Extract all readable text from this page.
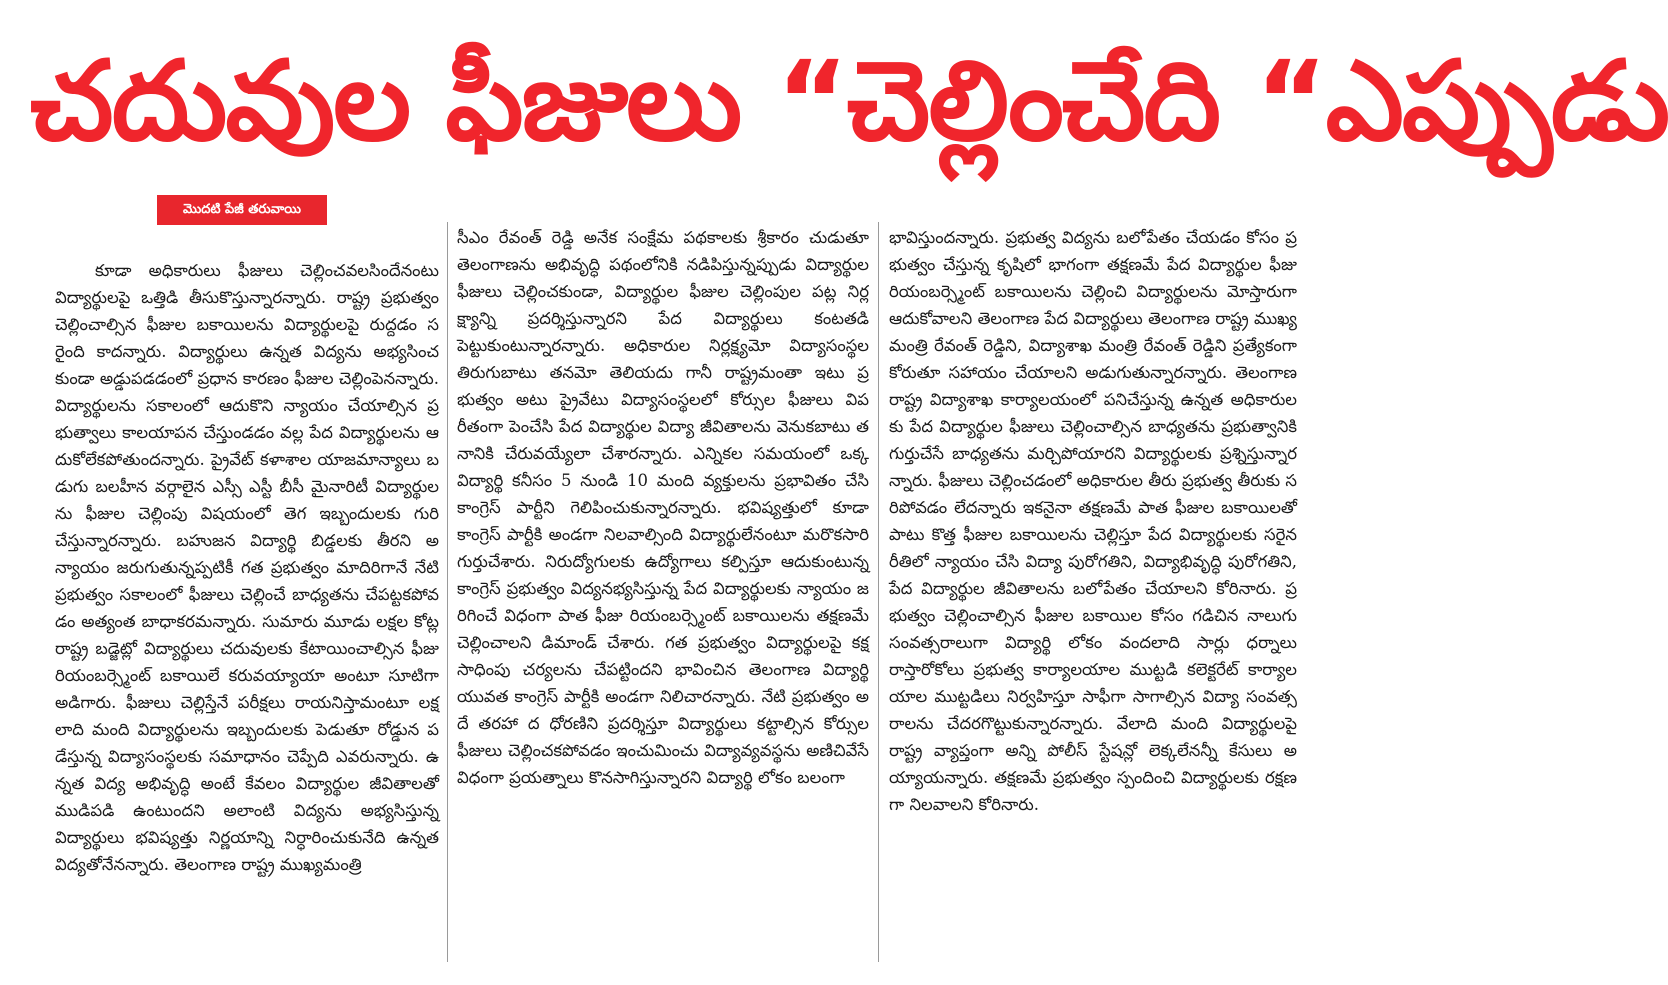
చదువుల ఫీజులు “చెల్లించేది “ఎప్పుడు
మొదటి పేజీ తరువాయి

కూడా అధికారులు ఫీజులు చెల్లించవలసిందేనంటు విద్యార్థులపై ఒత్తిడి తీసుకొస్తున్నారన్నారు. రాష్ట్ర ప్రభుత్వం చెల్లించాల్సిన ఫీజుల బకాయిలను విద్యార్థులపై రుద్దడం సరైంది కాదన్నారు. విద్యార్థులు ఉన్నత విద్యను అభ్యసించకుండా అడ్డుపడడంలో ప్రధాన కారణం ఫీజుల చెల్లింపెనన్నారు. విద్యార్థులను సకాలంలో ఆదుకొని న్యాయం చేయాల్సిన ప్రభుత్వాలు కాలయాపన చేస్తుండడం వల్ల పేద విద్యార్థులను ఆదుకోలేకపోతుందన్నారు. ప్రైవేట్ కళాశాల యాజమాన్యాలు బడుగు బలహీన వర్గాలైన ఎస్సీ ఎస్టీ బీసీ మైనారిటీ విద్యార్థులను ఫీజుల చెల్లింపు విషయంలో తెగ ఇబ్బందులకు గురి చేస్తున్నారన్నారు. బహుజన విద్యార్థి బిడ్డలకు తీరని అన్యాయం జరుగుతున్నప్పటికీ గత ప్రభుత్వం మాదిరిగానే నేటి ప్రభుత్వం సకాలంలో ఫీజులు చెల్లించే బాధ్యతను చేపట్టకపోవడం అత్యంత బాధాకరమన్నారు. సుమారు మూడు లక్షల కోట్ల రాష్ట్ర బడ్జెట్లో విద్యార్థులు చదువులకు కేటాయించాల్సిన ఫీజు రియంబర్స్మెంట్ బకాయిలే కరువయ్యాయా అంటూ సూటిగా అడిగారు. ఫీజులు చెల్లిస్తేనే పరీక్షలు రాయనిస్తామంటూ లక్షలాది మంది విద్యార్థులను ఇబ్బందులకు పెడుతూ రోడ్డున పడేస్తున్న విద్యాసంస్థలకు సమాధానం చెప్పేది ఎవరున్నారు. ఉన్నత విద్య అభివృద్ధి అంటే కేవలం విద్యార్థుల జీవితాలతో ముడిపడి ఉంటుందని అలాంటి విద్యను అభ్యసిస్తున్న విద్యార్థులు భవిష్యత్తు నిర్ణయాన్ని నిర్ధారించుకునేది ఉన్నత విద్యతోనేనన్నారు. తెలంగాణ రాష్ట్ర ముఖ్యమంత్రి

సీఎం రేవంత్ రెడ్డి అనేక సంక్షేమ పథకాలకు శ్రీకారం చుడుతూ తెలంగాణను అభివృద్ధి పథంలోనికి నడిపిస్తున్నప్పుడు విద్యార్థుల ఫీజులు చెల్లించకుండా, విద్యార్థుల ఫీజుల చెల్లింపుల పట్ల నిర్లక్ష్యాన్ని ప్రదర్శిస్తున్నారని పేద విద్యార్థులు కంటతడి పెట్టుకుంటున్నారన్నారు. అధికారుల నిర్లక్ష్యమో విద్యాసంస్థల తిరుగుబాటు తనమో తెలియదు గానీ రాష్ట్రమంతా ఇటు ప్రభుత్వం అటు ప్రైవేటు విద్యాసంస్థలలో కోర్సుల ఫీజులు విపరీతంగా పెంచేసి పేద విద్యార్థుల విద్యా జీవితాలను వెనుకబాటు తనానికి చేరువయ్యేలా చేశారన్నారు. ఎన్నికల సమయంలో ఒక్క విద్యార్థి కనీసం 5 నుండి 10 మంది వ్యక్తులను ప్రభావితం చేసి కాంగ్రెస్ పార్టీని గెలిపించుకున్నారన్నారు. భవిష్యత్తులో కూడా కాంగ్రెస్ పార్టీకి అండగా నిలవాల్సింది విద్యార్థులేనంటూ మరొకసారి గుర్తుచేశారు. నిరుద్యోగులకు ఉద్యోగాలు కల్పిస్తూ ఆదుకుంటున్న కాంగ్రెస్ ప్రభుత్వం విద్యనభ్యసిస్తున్న పేద విద్యార్థులకు న్యాయం జరిగించే విధంగా పాత ఫీజు రియంబర్స్మెంట్ బకాయిలను తక్షణమే చెల్లించాలని డిమాండ్ చేశారు. గత ప్రభుత్వం విద్యార్థులపై కక్ష సాధింపు చర్యలను చేపట్టిందని భావించిన తెలంగాణ విద్యార్థి యువత కాంగ్రెస్ పార్టీకి అండగా నిలిచారన్నారు. నేటి ప్రభుత్వం అదే తరహా ద ధోరణిని ప్రదర్శిస్తూ విద్యార్థులు కట్టాల్సిన కోర్సుల ఫీజులు చెల్లించకపోవడం ఇంచుమించు విద్యావ్యవస్థను అణిచివేసే విధంగా ప్రయత్నాలు కొనసాగిస్తున్నారని విద్యార్థి లోకం బలంగా

భావిస్తుందన్నారు. ప్రభుత్వ విద్యను బలోపేతం చేయడం కోసం ప్రభుత్వం చేస్తున్న కృషిలో భాగంగా తక్షణమే పేద విద్యార్థుల ఫీజు రియంబర్స్మెంట్ బకాయిలను చెల్లించి విద్యార్థులను మోస్తారుగా ఆదుకోవాలని తెలంగాణ పేద విద్యార్థులు తెలంగాణ రాష్ట్ర ముఖ్యమంత్రి రేవంత్ రెడ్డిని, విద్యాశాఖ మంత్రి రేవంత్ రెడ్డిని ప్రత్యేకంగా కోరుతూ సహాయం చేయాలని అడుగుతున్నారన్నారు. తెలంగాణ రాష్ట్ర విద్యాశాఖ కార్యాలయంలో పనిచేస్తున్న ఉన్నత అధికారులకు పేద విద్యార్థుల ఫీజులు చెల్లించాల్సిన బాధ్యతను ప్రభుత్వానికి గుర్తుచేసే బాధ్యతను మర్చిపోయారని విద్యార్థులకు ప్రశ్నిస్తున్నారన్నారు. ఫీజులు చెల్లించడంలో అధికారుల తీరు ప్రభుత్వ తీరుకు సరిపోవడం లేదన్నారు ఇకనైనా తక్షణమే పాత ఫీజుల బకాయిలతో పాటు కొత్త ఫీజుల బకాయిలను చెల్లిస్తూ పేద విద్యార్థులకు సరైన రీతిలో న్యాయం చేసి విద్యా పురోగతిని, విద్యాభివృద్ధి పురోగతిని,పేద విద్యార్థుల జీవితాలను బలోపేతం చేయాలని కోరినారు. ప్రభుత్వం చెల్లించాల్సిన ఫీజుల బకాయిల కోసం గడిచిన నాలుగు సంవత్సరాలుగా విద్యార్థి లోకం వందలాది సార్లు ధర్నాలు రాస్తారోకోలు ప్రభుత్వ కార్యాలయాల ముట్టడి కలెక్టరేట్ కార్యాలయాల ముట్టడిలు నిర్వహిస్తూ సాఫీగా సాగాల్సిన విద్యా సంవత్సరాలను చేదరగొట్టుకున్నారన్నారు. వేలాది మంది విద్యార్థులపై రాష్ట్ర వ్యాప్తంగా అన్ని పోలీస్ స్టేషన్లో లెక్కలేనన్నీ కేసులు అయ్యాయన్నారు. తక్షణమే ప్రభుత్వం స్పందించి విద్యార్థులకు రక్షణగా నిలవాలని కోరినారు.
